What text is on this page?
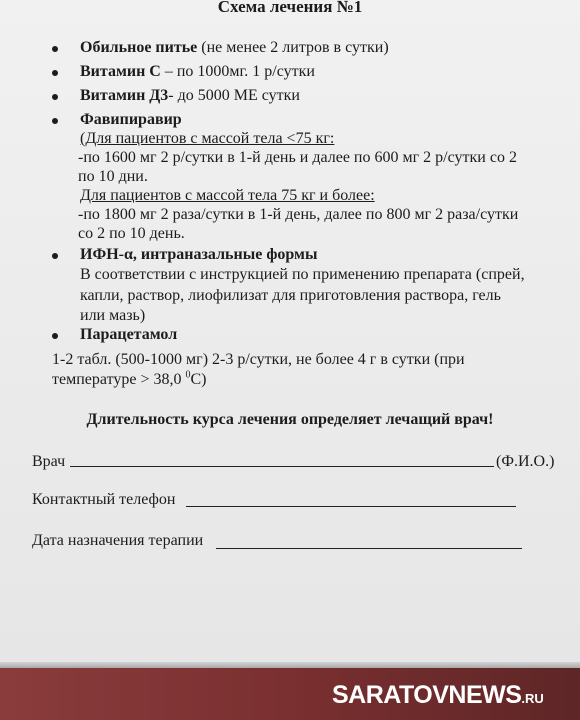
Схема лечения №1
Обильное питье (не менее 2 литров в сутки)
Витамин С – по 1000мг. 1 р/сутки
Витамин Д3- до 5000 МЕ сутки
Фавипиравир
(Для пациентов с массой тела <75 кг:
-по 1600 мг 2 р/сутки в 1-й день и далее по 600 мг 2 р/сутки со 2
по 10 дни.
Для пациентов с массой тела 75 кг и более:
-по 1800 мг 2 раза/сутки в 1-й день, далее по 800 мг 2 раза/сутки
со 2 по 10 день.
ИФН-α, интраназальные формы
В соответствии с инструкцией по применению препарата (спрей,
капли, раствор, лиофилизат для приготовления раствора, гель
или мазь)
Парацетамол
1-2 табл. (500-1000 мг) 2-3 р/сутки, не более 4 г в сутки (при
температуре > 38,0 $^0$С)
Длительность курса лечения определяет лечащий врач!
Врач	(Ф.И.О.)
Контактный телефон
Дата назначения терапии
SARATOVNEWS.RU
